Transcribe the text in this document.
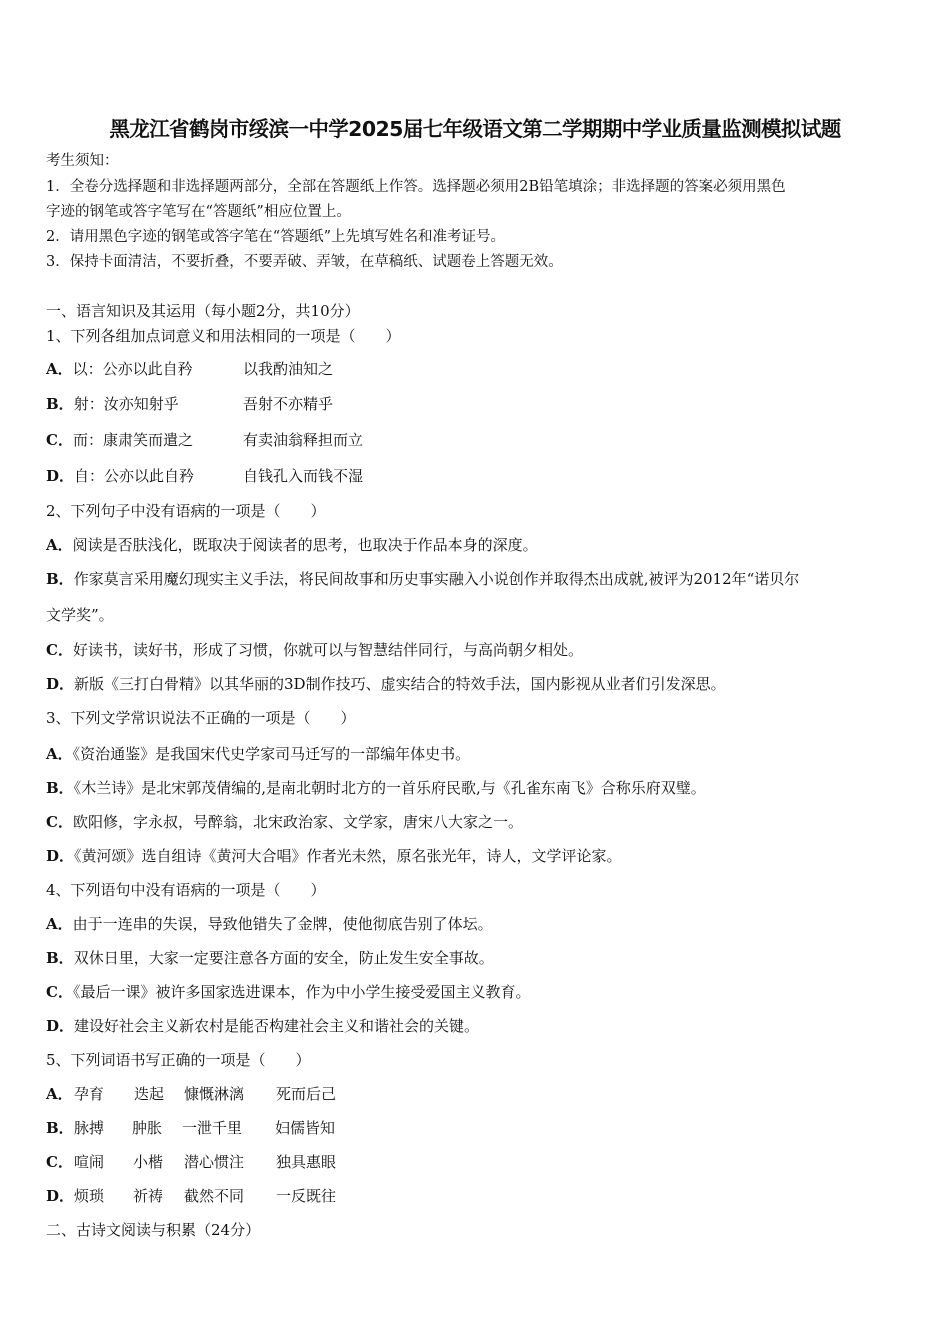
黑龙江省鹤岗市绥滨一中学2025届七年级语文第二学期期中学业质量监测模拟试题
考生须知：
1．全卷分选择题和非选择题两部分，全部在答题纸上作答。选择题必须用2B铅笔填涂；非选择题的答案必须用黑色
字迹的钢笔或答字笔写在“答题纸”相应位置上。
2．请用黑色字迹的钢笔或答字笔在“答题纸”上先填写姓名和准考证号。
3．保持卡面清洁，不要折叠，不要弄破、弄皱，在草稿纸、试题卷上答题无效。
一、语言知识及其运用（每小题2分，共10分）
1、下列各组加点词意义和用法相同的一项是（　　）
A．以：公亦以此自矜	以我酌油知之
B．射：汝亦知射乎	吾射不亦精乎
C．而：康肃笑而遣之	有卖油翁释担而立
D．自：公亦以此自矜	自钱孔入而钱不湿
2、下列句子中没有语病的一项是（　　）
A．阅读是否肤浅化，既取决于阅读者的思考，也取决于作品本身的深度。
B．作家莫言采用魔幻现实主义手法，将民间故事和历史事实融入小说创作并取得杰出成就,被评为2012年“诺贝尔
文学奖”。
C．好读书，读好书，形成了习惯，你就可以与智慧结伴同行，与高尚朝夕相处。
D．新版《三打白骨精》以其华丽的3D制作技巧、虚实结合的特效手法，国内影视从业者们引发深思。
3、下列文学常识说法不正确的一项是（　　）
A．《资治通鉴》是我国宋代史学家司马迁写的一部编年体史书。
B．《木兰诗》是北宋郭茂倩编的,是南北朝时北方的一首乐府民歌,与《孔雀东南飞》合称乐府双璧。
C．欧阳修，字永叔，号醉翁，北宋政治家、文学家，唐宋八大家之一。
D．《黄河颂》选自组诗《黄河大合唱》作者光未然，原名张光年，诗人，文学评论家。
4、下列语句中没有语病的一项是（　　）
A．由于一连串的失误，导致他错失了金牌，使他彻底告别了体坛。
B．双休日里，大家一定要注意各方面的安全，防止发生安全事故。
C．《最后一课》被许多国家选进课本，作为中小学生接受爱国主义教育。
D．建设好社会主义新农村是能否构建社会主义和谐社会的关键。
5、下列词语书写正确的一项是（　　）
A． 孕育 迭起 慷慨淋漓 死而后己
B． 脉搏 肿胀 一泄千里 妇儒皆知
C． 喧闹 小楷 潜心惯注 独具惠眼
D． 烦琐 祈祷 截然不同 一反既往
二、古诗文阅读与积累（24分）
